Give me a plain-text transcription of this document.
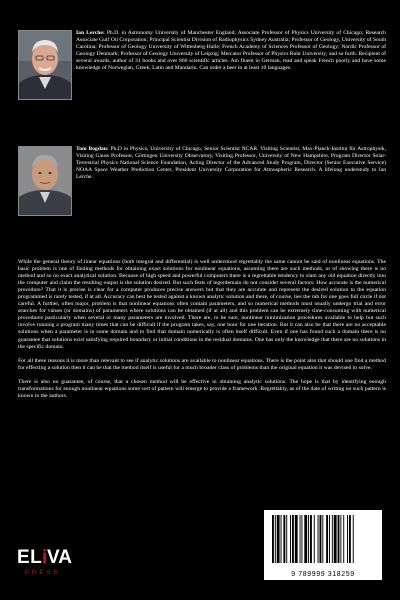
Ian Lerche: Ph.D. in Astronomy University of Manchester England; Associate Professor of Physics University of Chicago; Research Associate Gulf Oil Corporation; Principal Scientist Division of Radiophysics Sydney Australia; Professor of Geology, University of South Carolina; Professor of Geology University of Wittenberg-Halle; French Academy of Sciences Professor of Geology; Nordic Professor of Geology Denmark; Professor of Geology University of Leipzig; Mercator Professor of Physics Ruhr University; and so forth. Recipient of several awards, author of 31 books and over 860 scientific articles. Am fluent in German, read and speak French poorly and have some knowledge of Norwegian, Greek, Latin and Mandarin. Can order a beer in at least 10 languages.

Tom Bogdan: Ph.D in Physics, University of Chicago, Senior Scientist NCAR. Visiting Scientist, Max-Planck-Institut für Astrophysik, Visiting Gauss Professor, Göttingen University Observatory, Visiting Professor, University of New Hampshire, Program Director Solar-Terrestrial Physics National Science Foundation, Acting Director of the Advanced Study Program, Director (Senior Executive Service) NOAA Space Weather Prediction Center, President University Corporation for Atmospheric Research. A lifelong understudy to Ian Lerche.

While the general theory of linear equations (both integral and differential) is well understood regrettably the same cannot be said of nonlinear equations. The basic problem is one of finding methods for obtaining exact solutions for nonlinear equations, assuming there are such methods, or of showing there is no method and so no exact analytical solution. Because of high speed and powerful computers there is a regrettable tendency to slam any old equation directly into the computer and claim the resulting output is the solution desired. But such feats of legerdemain do not consider several factors: How accurate is the numerical procedure? That it is precise is clear for a computer produces precise answers but that they are accurate and represent the desired solution to the equation programmed is rarely tested, if at all. Accuracy can best be tested against a known analytic solution and there, of course, lies the rub for one goes full circle if not careful. A further, often major, problem is that nonlinear equations often contain parameters, and so numerical methods must usually undergo trial and error searches for values (or domains) of parameters where solutions can be obtained (if at all) and this problem can be extremely time-consuming with numerical procedures particularly when several or many parameters are involved. There are, to be sure, nonlinear minimization procedures available to help but such involve running a program many times that can be difficult if the program takes, say, one hour for one iteration. But it can also be that there are no acceptable solutions when a parameter is in some domain and to find that domain numerically is often itself difficult. Even if one has found such a domain there is no guarantee that solutions exist satisfying required boundary or initial conditions in the residual domains. One has only the knowledge that there are no solutions in the specific domain.

For all these reasons it is more than relevant to see if analytic solutions are available to nonlinear equations. There is the point also that should one find a method for effecting a solution then it can be that the method itself is useful for a much broader class of problems than the original equation it was devised to solve.

There is also no guarantee, of course, that a chosen method will be effective in obtaining analytic solutions. The hope is that by identifying enough transformations for enough nonlinear equations some sort of pattern will emerge to provide a framework .Regrettably, as of the date of writing no such pattern is known to the authors.

EL i VA
PRESS	9 789999 318259
